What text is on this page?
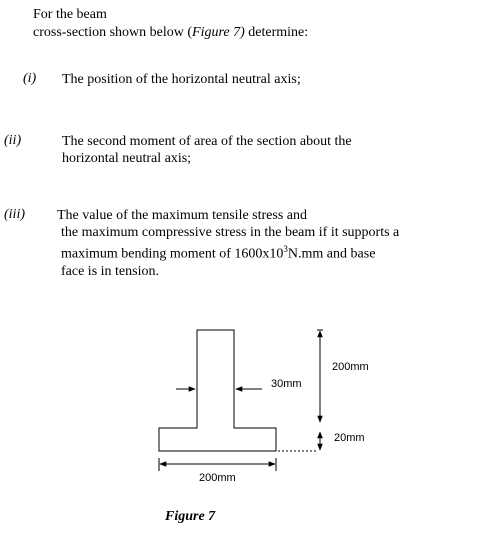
For the beam
cross-section shown below (Figure 7) determine:
(i) The position of the horizontal neutral axis;
(ii)	The second moment of area of the section about the
horizontal neutral axis;
(iii) The value of the maximum tensile stress and
the maximum compressive stress in the beam if it supports a
maximum bending moment of $1600x10^3N.mm$ and base
face is in tension.
200mm
30mm
20mm
200mm
Figure 7
